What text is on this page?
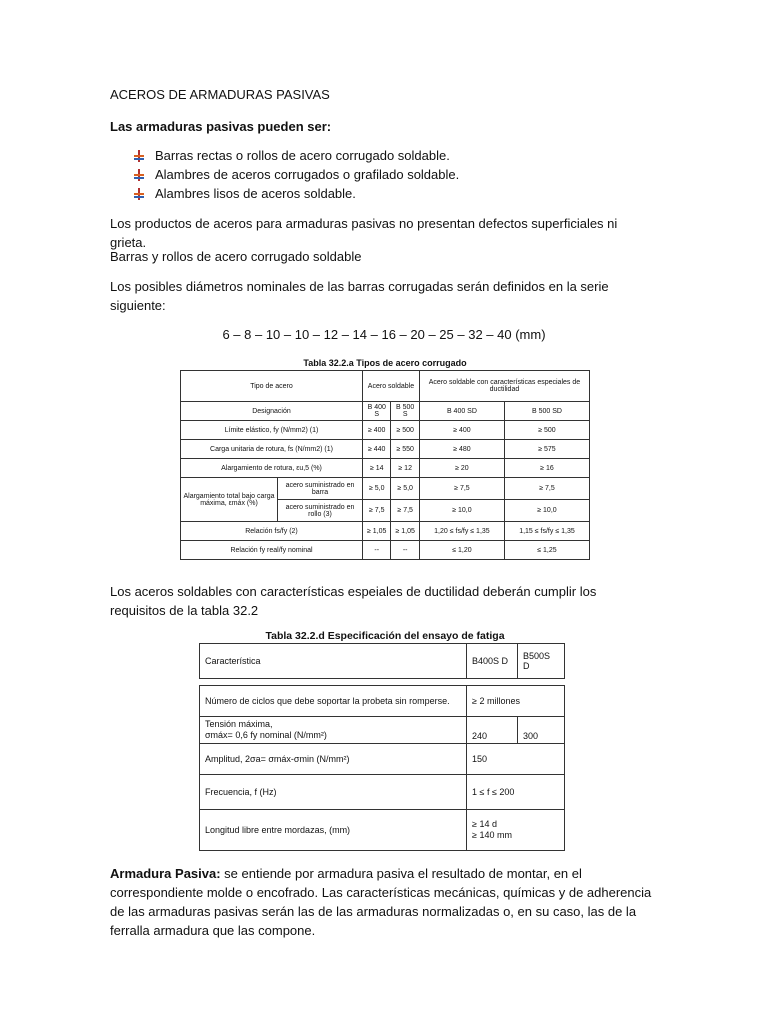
ACEROS DE ARMADURAS PASIVAS
Las armaduras pasivas pueden ser:
Barras rectas o rollos de acero corrugado soldable.
Alambres de aceros corrugados o grafilado soldable.
Alambres lisos de aceros soldable.
Los productos de aceros para armaduras pasivas no presentan defectos superficiales ni grieta.
Barras y rollos de acero corrugado soldable
Los posibles diámetros nominales de las barras corrugadas serán definidos en la serie siguiente:
6 – 8 – 10 – 10 – 12 – 14 – 16 – 20 – 25 – 32 – 40 (mm)
Tabla 32.2.a Tipos de acero corrugado
Tipo de acero		Acero soldable		Acero soldable con características especiales de ductilidad	
Designación		B 400 S	B 500 S	B 400 SD	B 500 SD
Límite elástico, fy (N/mm2) (1)		≥ 400	≥ 500	≥ 400	≥ 500
Carga unitaria de rotura, fs (N/mm2) (1)		≥ 440	≥ 550	≥ 480	≥ 575
Alargamiento de rotura, εu,5 (%)		≥ 14	≥ 12	≥ 20	≥ 16
Alargamiento total bajo carga máxima, εmáx (%)	acero suministrado en barra	≥ 5,0	≥ 5,0	≥ 7,5	≥ 7,5
	acero suministrado en rollo (3)	≥ 7,5	≥ 7,5	≥ 10,0	≥ 10,0
Relación fs/fy (2)		≥ 1,05	≥ 1,05	1,20 ≤ fs/fy ≤ 1,35	1,15 ≤ fs/fy ≤ 1,35
Relación fy real/fy nominal		--	--	≤ 1,20	≤ 1,25
Los aceros soldables con características espeiales de ductilidad deberán cumplir los requisitos de la tabla 32.2
Tabla 32.2.d Especificación del ensayo de fatiga
Característica	B400S D	B500S D

Número de ciclos que debe soportar la probeta sin romperse.	≥ 2 millones	

Tensión máxima,
σmáx= 0,6 fy nominal (N/mm²)	240	300
Amplitud, 2σa= σmáx-σmin (N/mm²)	150	
Frecuencia, f (Hz)	1 ≤ f ≤ 200	
Longitud libre entre mordazas, (mm)	≥ 14 d
≥ 140 mm	
Armadura Pasiva: se entiende por armadura pasiva el resultado de montar, en el correspondiente molde o encofrado. Las características mecánicas, químicas y de adherencia de las armaduras pasivas serán las de las armaduras normalizadas o, en su caso, las de la ferralla armadura que las compone.
